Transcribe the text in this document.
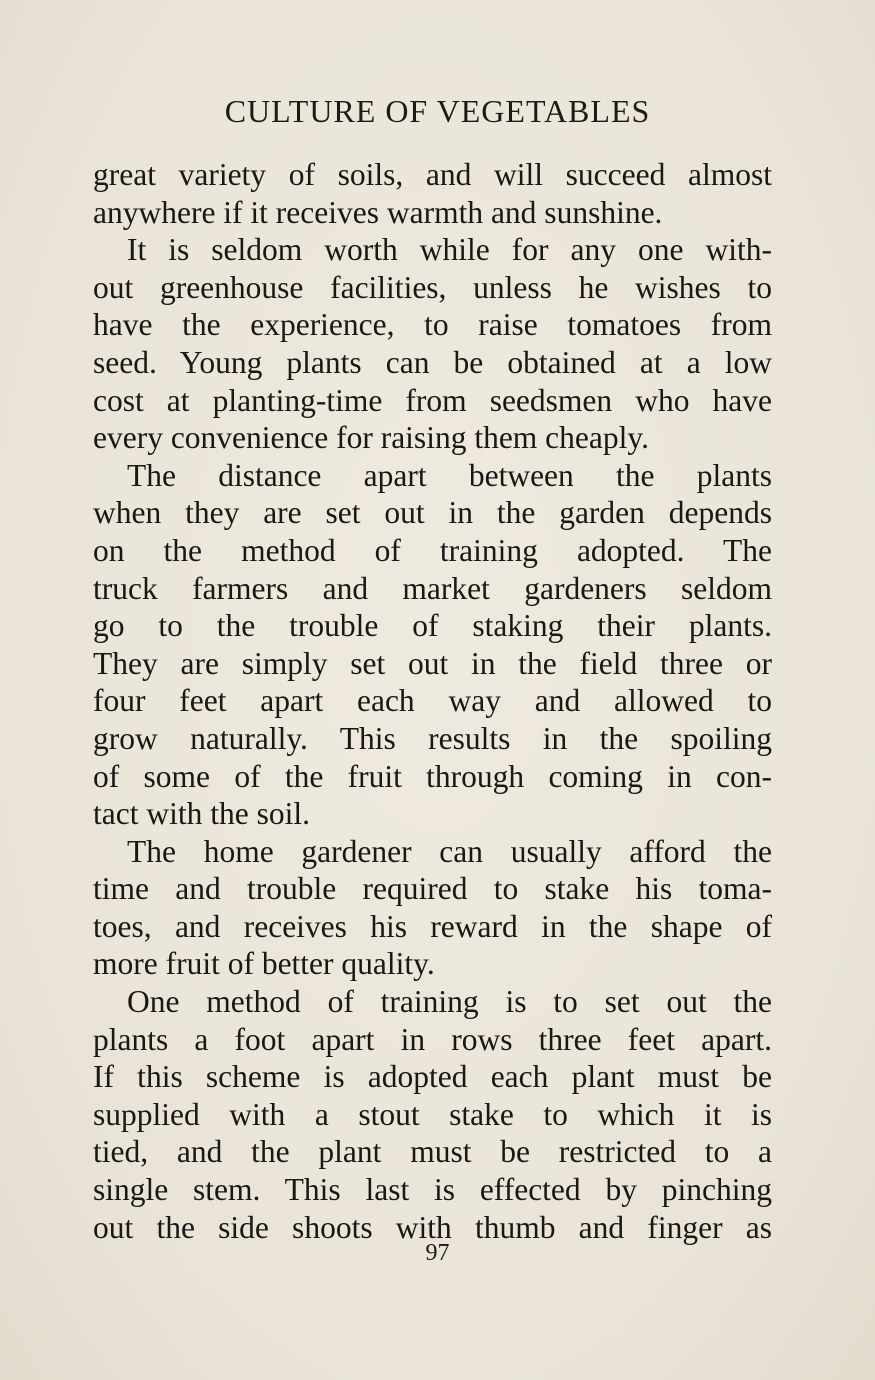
CULTURE OF VEGETABLES
great variety of soils, and will succeed almost
anywhere if it receives warmth and sunshine.
It is seldom worth while for any one with-
out greenhouse facilities, unless he wishes to
have the experience, to raise tomatoes from
seed. Young plants can be obtained at a low
cost at planting-time from seedsmen who have
every convenience for raising them cheaply.
The distance apart between the plants
when they are set out in the garden depends
on the method of training adopted. The
truck farmers and market gardeners seldom
go to the trouble of staking their plants.
They are simply set out in the field three or
four feet apart each way and allowed to
grow naturally. This results in the spoiling
of some of the fruit through coming in con-
tact with the soil.
The home gardener can usually afford the
time and trouble required to stake his toma-
toes, and receives his reward in the shape of
more fruit of better quality.
One method of training is to set out the
plants a foot apart in rows three feet apart.
If this scheme is adopted each plant must be
supplied with a stout stake to which it is
tied, and the plant must be restricted to a
single stem. This last is effected by pinching
out the side shoots with thumb and finger as
97
